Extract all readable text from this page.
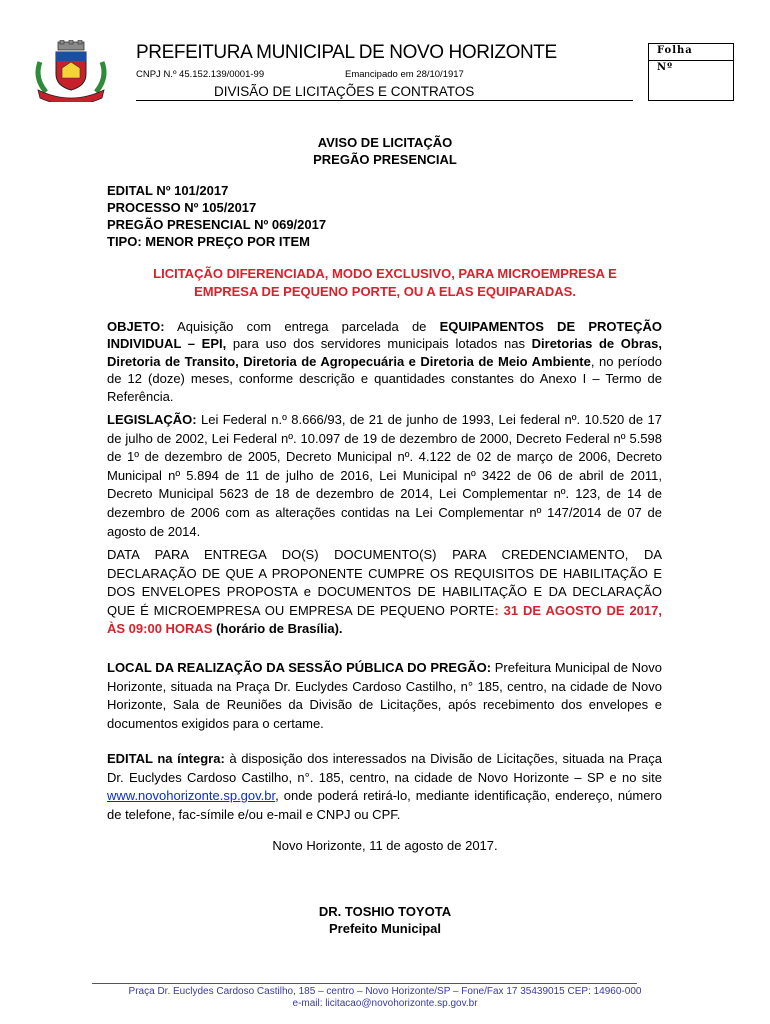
PREFEITURA MUNICIPAL DE NOVO HORIZONTE
CNPJ N.º 45.152.139/0001-99	Emancipado em 28/10/1917
DIVISÃO DE LICITAÇÕES E CONTRATOS
Folha
Nº
AVISO DE LICITAÇÃO
PREGÃO PRESENCIAL
EDITAL Nº 101/2017
PROCESSO Nº 105/2017
PREGÃO PRESENCIAL Nº 069/2017
TIPO: MENOR PREÇO POR ITEM
LICITAÇÃO DIFERENCIADA, MODO EXCLUSIVO, PARA MICROEMPRESA E
EMPRESA DE PEQUENO PORTE, OU A ELAS EQUIPARADAS.
OBJETO: Aquisição com entrega parcelada de EQUIPAMENTOS DE PROTEÇÃO INDIVIDUAL – EPI, para uso dos servidores municipais lotados nas Diretorias de Obras, Diretoria de Transito, Diretoria de Agropecuária e Diretoria de Meio Ambiente, no período de 12 (doze) meses, conforme descrição e quantidades constantes do Anexo I – Termo de Referência.
LEGISLAÇÃO: Lei Federal n.º 8.666/93, de 21 de junho de 1993, Lei federal nº. 10.520 de 17 de julho de 2002, Lei Federal nº. 10.097 de 19 de dezembro de 2000, Decreto Federal nº 5.598 de 1º de dezembro de 2005, Decreto Municipal nº. 4.122 de 02 de março de 2006, Decreto Municipal nº 5.894 de 11 de julho de 2016, Lei Municipal nº 3422 de 06 de abril de 2011, Decreto Municipal 5623 de 18 de dezembro de 2014, Lei Complementar nº. 123, de 14 de dezembro de 2006 com as alterações contidas na Lei Complementar nº 147/2014 de 07 de agosto de 2014.
DATA PARA ENTREGA DO(S) DOCUMENTO(S) PARA CREDENCIAMENTO, DA DECLARAÇÃO DE QUE A PROPONENTE CUMPRE OS REQUISITOS DE HABILITAÇÃO E DOS ENVELOPES PROPOSTA e DOCUMENTOS DE HABILITAÇÃO E DA DECLARAÇÃO QUE É MICROEMPRESA OU EMPRESA DE PEQUENO PORTE: 31 DE AGOSTO DE 2017, ÀS 09:00 HORAS (horário de Brasília).
LOCAL DA REALIZAÇÃO DA SESSÃO PÚBLICA DO PREGÃO: Prefeitura Municipal de Novo Horizonte, situada na Praça Dr. Euclydes Cardoso Castilho, n° 185, centro, na cidade de Novo Horizonte, Sala de Reuniões da Divisão de Licitações, após recebimento dos envelopes e documentos exigidos para o certame.
EDITAL na íntegra: à disposição dos interessados na Divisão de Licitações, situada na Praça Dr. Euclydes Cardoso Castilho, n°. 185, centro, na cidade de Novo Horizonte – SP e no site www.novohorizonte.sp.gov.br, onde poderá retirá-lo, mediante identificação, endereço, número de telefone, fac-símile e/ou e-mail e CNPJ ou CPF.
Novo Horizonte, 11 de agosto de 2017.
DR. TOSHIO TOYOTA
Prefeito Municipal
Praça Dr. Euclydes Cardoso Castilho, 185 – centro – Novo Horizonte/SP – Fone/Fax 17 35439015 CEP: 14960-000
e-mail: licitacao@novohorizonte.sp.gov.br
